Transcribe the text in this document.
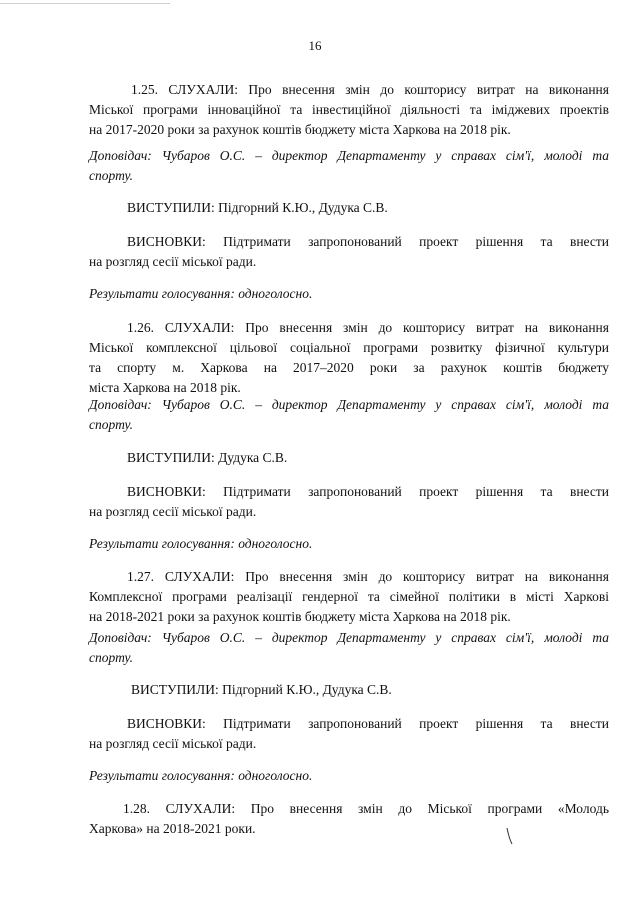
16
1.25. СЛУХАЛИ: Про внесення змін до кошторису витрат на виконання
Міської програми інноваційної та інвестиційної діяльності та іміджевих проектів
на 2017-2020 роки за рахунок коштів бюджету міста Харкова на 2018 рік.
Доповідач: Чубаров О.С. – директор Департаменту у справах сім'ї, молоді та
спорту.
ВИСТУПИЛИ: Підгорний К.Ю., Дудука С.В.
ВИСНОВКИ: Підтримати запропонований проект рішення та внести
на розгляд сесії міської ради.
Результати голосування: одноголосно.
1.26. СЛУХАЛИ: Про внесення змін до кошторису витрат на виконання
Міської комплексної цільової соціальної програми розвитку фізичної культури
та спорту м. Харкова на 2017–2020 роки за рахунок коштів бюджету
міста Харкова на 2018 рік.
Доповідач: Чубаров О.С. – директор Департаменту у справах сім'ї, молоді та
спорту.
ВИСТУПИЛИ: Дудука С.В.
ВИСНОВКИ: Підтримати запропонований проект рішення та внести
на розгляд сесії міської ради.
Результати голосування: одноголосно.
1.27. СЛУХАЛИ: Про внесення змін до кошторису витрат на виконання
Комплексної програми реалізації гендерної та сімейної політики в місті Харкові
на 2018-2021 роки за рахунок коштів бюджету міста Харкова на 2018 рік.
Доповідач: Чубаров О.С. – директор Департаменту у справах сім'ї, молоді та
спорту.
ВИСТУПИЛИ: Підгорний К.Ю., Дудука С.В.
ВИСНОВКИ: Підтримати запропонований проект рішення та внести
на розгляд сесії міської ради.
Результати голосування: одноголосно.
1.28. СЛУХАЛИ: Про внесення змін до Міської програми «Молодь
Харкова» на 2018-2021 роки.
